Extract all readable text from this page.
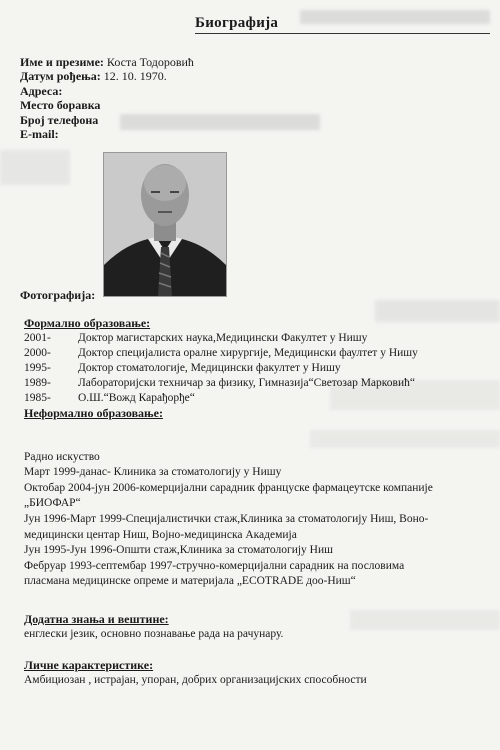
Биографија
Име и презиме: Коста Тодоровић
Датум рођења: 12. 10. 1970.
Адреса:
Место боравка
Број телефона
E-mail:
Фотографија:
Формално образовање:
2001- Доктор магистарских наука,Медицински Факултет у Нишу
2000- Доктор специјалиста оралне хирургије, Медицински фаултет у Нишу
1995- Доктор стоматологије, Медицински факултет у Нишу
1989- Лабораторијски техничар за физику, Гимназија“Светозар Марковић“
1985- О.Ш.“Вожд Карађорђе“
Неформално образовање:
Радно искуство
Март 1999-данас- Клиника за стоматологију у Нишу
Октобар 2004-јун 2006-комерцијални сарадник француске фармацеутске компаније
„БИОФАР“
Јун 1996-Март 1999-Специјалистички стаж,Клиника за стоматологију Ниш, Воно-
медицински центар Ниш, Војно-медицинска Академија
Јун 1995-Јун 1996-Општи стаж,Клиника за стоматологију Ниш
Фебруар 1993-септембар 1997-стручно-комерцијални сарадник на пословима
пласмана медицинске опреме и материјала „ECOTRADE доо-Ниш“
Додатна знања и вештине:
енглески језик, основно познавање рада на рачунару.
Личне карактеристике:
Амбициозан , истрајан, упоран, добрих организацијских способности
